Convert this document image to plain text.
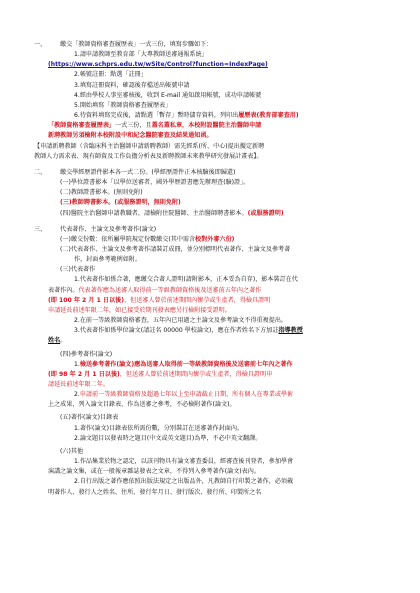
一、	繳交「教師資格審查履歷表」一式三份，填寫步驟如下：
1.請申請教師至教育部「大專教師送審通報系統」
(https://www.schprs.edu.tw/wSite/Control?function=IndexPage)
2.帳號註冊：點選「註冊」
3.填寫註冊資料，確認後存檔送出帳號申請
4.經由學校人事室審核後，收到 E-mail 通知啟用帳號，成功申請帳號
5.開始填寫「教師資格審查履歷表」
6.待資料填寫完成後，請點選「暫存」暫時儲存資料，列印出 履歷表(教育部審查用)
「教師資格審查履歷表」 一式三份，且 蓋名蓋私章，本校附設醫院主治醫師申請
新聘教師另須檢附本校附設中和紀念醫院審查及結果通知函。
【申請新聘教師（含臨床科主治醫師申請新聘教師）需先經系(所、中心)提出擬定新聘
教師人力需求表、現有師資及工作負擔分析表及新聘教師未來教學研究發展計畫表】。
二、	繳交學經歷證件影本各一式二份。(學經歷證件正本核驗後即歸還)
(一)學位證書影本「以學位送審者，國外學歷證書應先辦理查(驗)證」。
(二)教師證書影本。(無則免附)
(三)教師聘書影本。(或服務證明，無則免附)
(四)醫院主治醫師申請教職者，請檢附住院醫師、主治醫師聘書影本。 (或服務證明)
三、	代表著作、主論文及參考著作(論文)
(一)繳交份數：依所屬學院規定份數繳交(其中需含 校對外審六份)
(二)代表著作、主論文及參考著作請裝訂成冊，並分別標明代表著作、主論文及參考著
作，封面參考範例如附。
(三)代表著作
1.代表著作如係合著，應繳交合著人證明(請附影本，正本妥為自存)，影本裝訂在代
表著作內。 代表著作應為送審人取得前一等級教師資格後及送審前五年內之著作
(即 100 年 2 月 1 日以後) ，但送審人曾於前述期間內懷孕或生產者，得檢具證明
申請延長前述年限二年，如已接受於期刊發表應另行檢附接受證明。
2.在前一等級教師資格審查，五年內已用過之主論文及參考論文不得重複提出。
3.代表著作如係學位論文(請註名 00000 學校論文)，應在作者姓名下方加註 指導教授
姓名 。
(四)參考著作(論文)
1. 檢送參考著作(論文)應為送審人取得前一等級教師資格後及送審前七年內之著作
(即 98 年 2 月 1 日以後) ，但送審人曾於前述期間內懷孕或生產者，得檢具證明申
請延長前述年限二年。
2. 申請前一等級教師資格及超過七年以上至申請截止日期，所有個人在專業或學術
上之成果，列入論文目錄表、作為送審之參考，不必檢附著作(論文)。
(五)著作(論文)目錄表
1.著作(論文)目錄表依所需份數，分別裝訂在送審著作封面內。
2.論文題目以發表時之題目(中文或英文題目)為準，不必中英文翻譯。
(六)其他
1.作品集業於物之認定，以該刊物具有論文審查委員，經審查後刊登者，參加學會
演講之論文集，或在一般報章雜誌發表之文章，不得列入參考著作(論文)表內。
2.自行出版之著作應依照出版法規定之出版品外，凡教師自行印製之著作，必須載
明著作人、發行人之姓名、住所、發行年月日、發行版次、發行所、印製所之名
